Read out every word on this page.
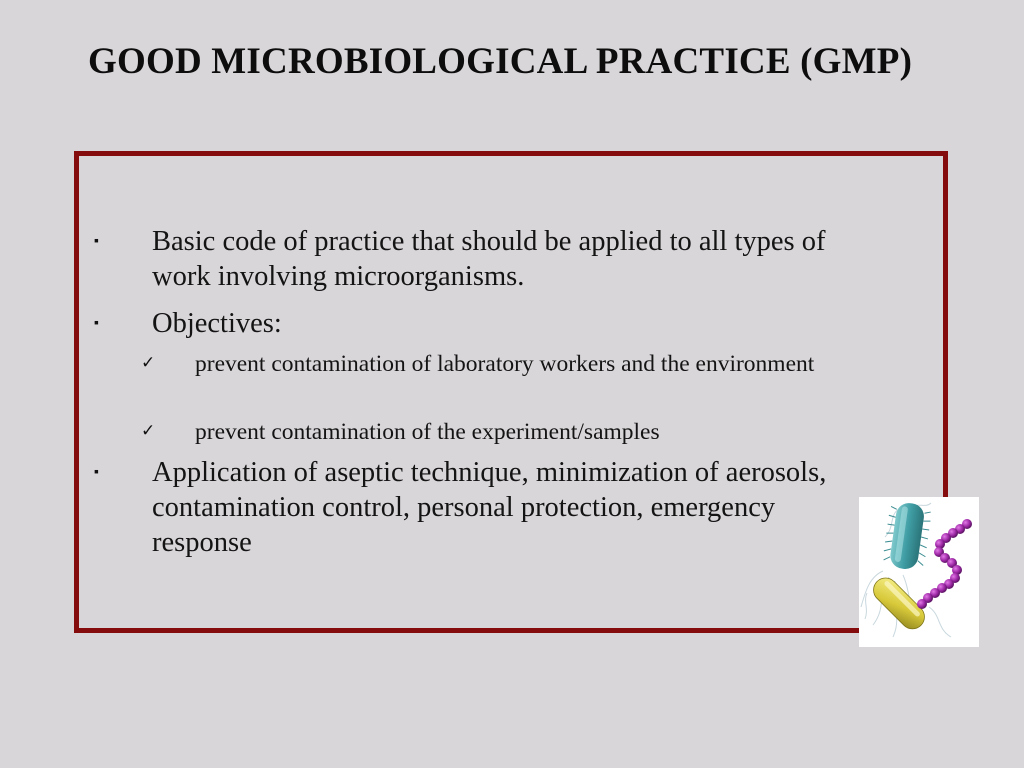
GOOD MICROBIOLOGICAL PRACTICE (GMP)
▪ Basic code of practice that should be applied to all types of work involving microorganisms.
▪ Objectives:
✓ prevent contamination of laboratory workers and the environment
✓ prevent contamination of the experiment/samples
▪ Application of aseptic technique, minimization of aerosols, contamination control, personal protection, emergency response
